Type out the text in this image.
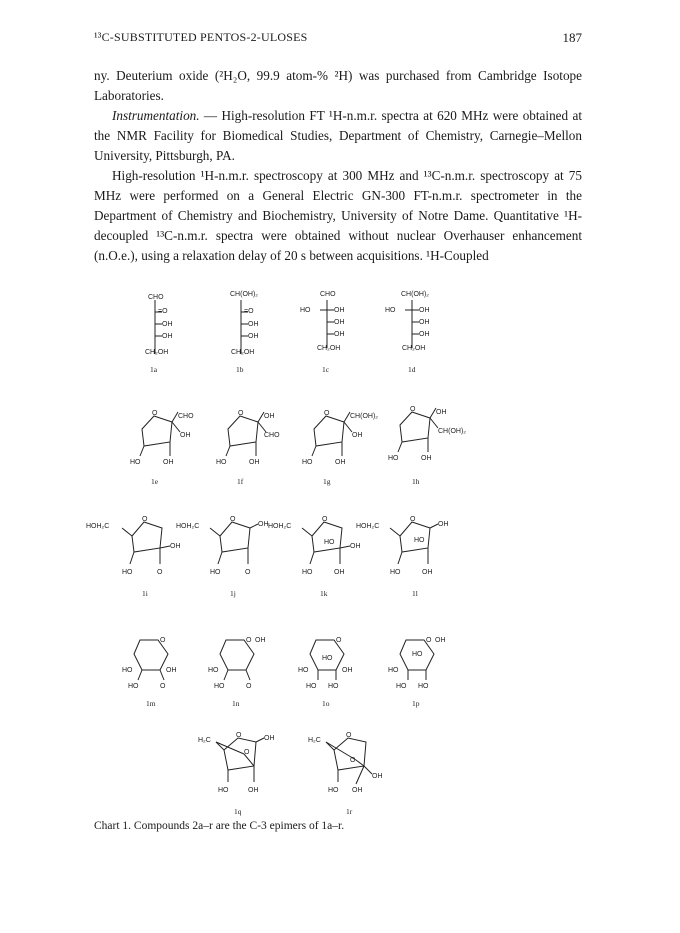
¹³C-SUBSTITUTED PENTOS-2-ULOSES	187

ny. Deuterium oxide (²H₂O, 99.9 atom-% ²H) was purchased from Cambridge Isotope Laboratories.

Instrumentation. — High-resolution FT ¹H-n.m.r. spectra at 620 MHz were obtained at the NMR Facility for Biomedical Studies, Department of Chemistry, Carnegie–Mellon University, Pittsburgh, PA.

High-resolution ¹H-n.m.r. spectroscopy at 300 MHz and ¹³C-n.m.r. spectroscopy at 75 MHz were performed on a General Electric GN-300 FT-n.m.r. spectrometer in the Department of Chemistry and Biochemistry, University of Notre Dame. Quantitative ¹H-decoupled ¹³C-n.m.r. spectra were obtained without nuclear Overhauser enhancement (n.O.e.), using a relaxation delay of 20 s between acquisitions. ¹H-Coupled

CHO
=O
OH
OH
CH₂OH
1a
CH(OH)₂
=O
OH
OH
CH₂OH
1b
CHO
HO	OH
OH
OH
CH₂OH
1c
CH(OH)₂
HO	OH
OH
OH
CH₂OH
1d
O	CHO
OH
HO	OH
1e
O	OH
CHO
HO	OH
1f
O	CH(OH)₂
OH
HO	OH
1g
O	OH
CH(OH)₂
HO	OH
1h
HOH₂C
O
OH
HO	O
1i
HOH₂C
O
OH
HO	O
1j
HOH₂C
O
HO
OH
HO	OH
1k
HOH₂C
O
OH
HO
HO	OH
1l
O
HO	OH
HO	O
1m
O OH
HO
HO	O
1n
O
HO
HO	OH
HO HO
1o
O OH
HO
HO
HO HO
1p
H₂C
O
O
OH
HO	OH
1q
H₂C
O
O
OH
HO OH
1r
Chart 1. Compounds 2a–r are the C-3 epimers of 1a–r.
